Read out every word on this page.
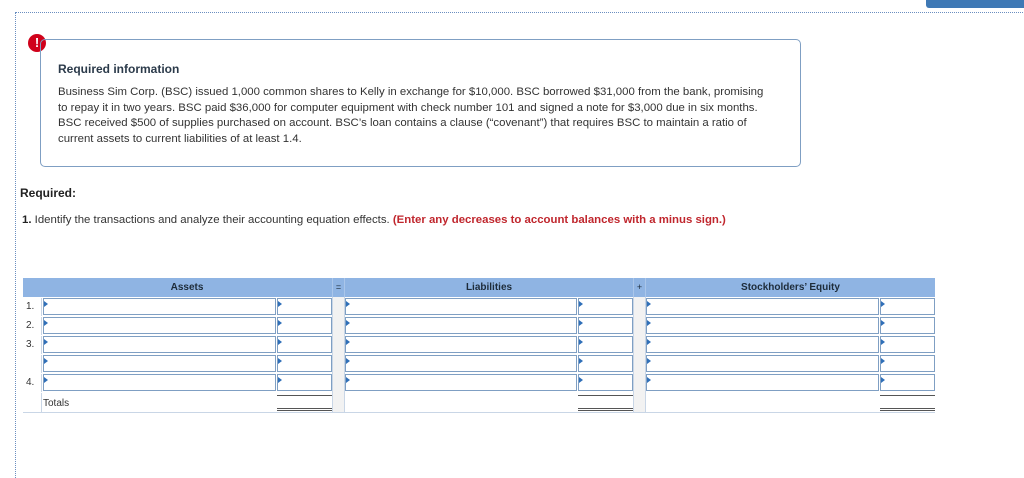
!
Required information
Business Sim Corp. (BSC) issued 1,000 common shares to Kelly in exchange for $10,000. BSC borrowed $31,000 from the bank, promising to repay it in two years. BSC paid $36,000 for computer equipment with check number 101 and signed a note for $3,000 due in six months. BSC received $500 of supplies purchased on account. BSC’s loan contains a clause (“covenant”) that requires BSC to maintain a ratio of current assets to current liabilities of at least 1.4.
Required:
1. Identify the transactions and analyze their accounting equation effects. (Enter any decreases to account balances with a minus sign.)
Assets	=	Liabilities	+	Stockholders’ Equity
1.
2.
3.
4.
Totals
